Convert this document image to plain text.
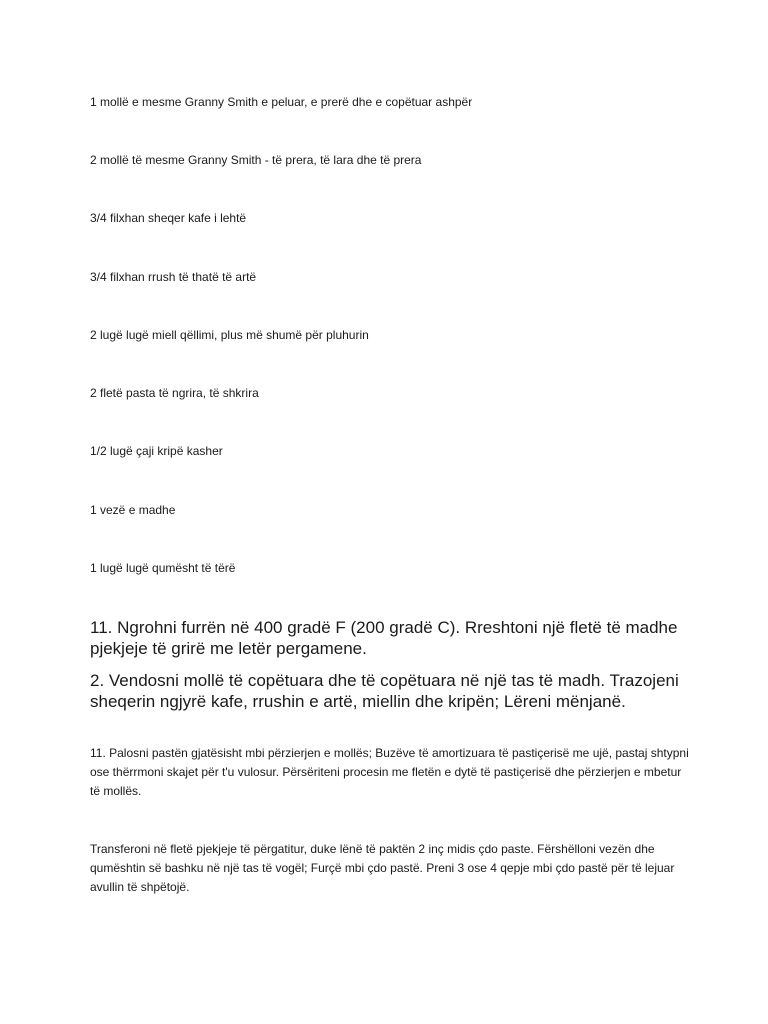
1 mollë e mesme Granny Smith e peluar, e prerë dhe e copëtuar ashpër

2 mollë të mesme Granny Smith - të prera, të lara dhe të prera

3/4 filxhan sheqer kafe i lehtë

3/4 filxhan rrush të thatë të artë

2 lugë lugë miell qëllimi, plus më shumë për pluhurin

2 fletë pasta të ngrira, të shkrira

1/2 lugë çaji kripë kasher

1 vezë e madhe

1 lugë lugë qumësht të tërë

11. Ngrohni furrën në 400 gradë F (200 gradë C). Rreshtoni një fletë të madhe pjekjeje të grirë me letër pergamene.

2. Vendosni mollë të copëtuara dhe të copëtuara në një tas të madh. Trazojeni sheqerin ngjyrë kafe, rrushin e artë, miellin dhe kripën; Lëreni mënjanë.

11. Palosni pastën gjatësisht mbi përzierjen e mollës; Buzëve të amortizuara të pastiçerisë me ujë, pastaj shtypni ose thërrmoni skajet për t'u vulosur. Përsëriteni procesin me fletën e dytë të pastiçerisë dhe përzierjen e mbetur të mollës.

Transferoni në fletë pjekjeje të përgatitur, duke lënë të paktën 2 inç midis çdo paste. Fërshëlloni vezën dhe qumështin së bashku në një tas të vogël; Furçë mbi çdo pastë. Preni 3 ose 4 qepje mbi çdo pastë për të lejuar avullin të shpëtojë.
